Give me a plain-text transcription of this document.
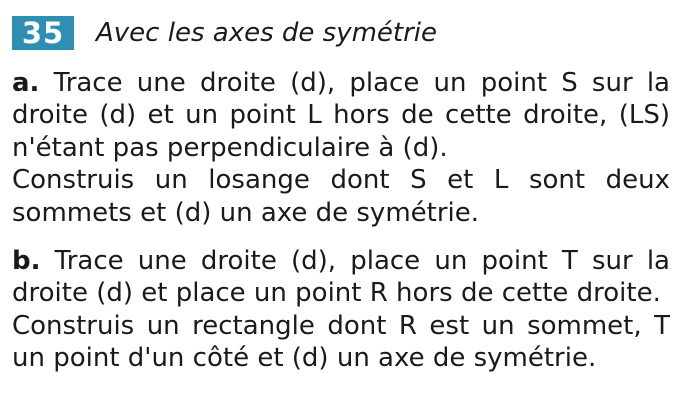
35	Avec les axes de symétrie

a. Trace une droite (d), place un point S sur la droite (d) et un point L hors de cette droite, (LS) n'étant pas perpendiculaire à (d).

Construis un losange dont S et L sont deux sommets et (d) un axe de symétrie.

b. Trace une droite (d), place un point T sur la droite (d) et place un point R hors de cette droite.

Construis un rectangle dont R est un sommet, T un point d'un côté et (d) un axe de symétrie.
